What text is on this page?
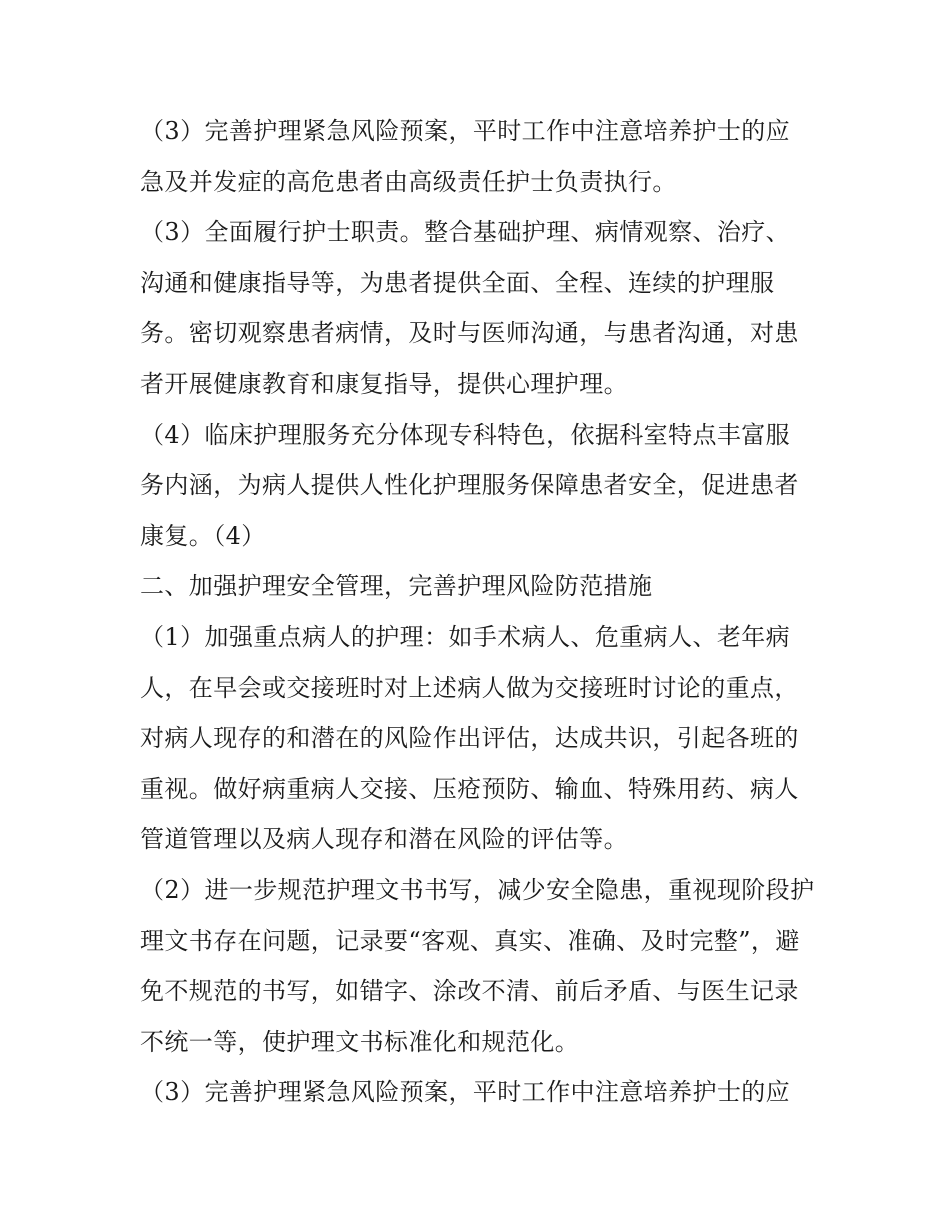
（3）完善护理紧急风险预案，平时工作中注意培养护士的应
急及并发症的高危患者由高级责任护士负责执行。
（3）全面履行护士职责。整合基础护理、病情观察、治疗、
沟通和健康指导等，为患者提供全面、全程、连续的护理服
务。密切观察患者病情，及时与医师沟通，与患者沟通，对患
者开展健康教育和康复指导，提供心理护理。
（4）临床护理服务充分体现专科特色，依据科室特点丰富服
务内涵，为病人提供人性化护理服务保障患者安全，促进患者
康复。（4）
二、加强护理安全管理，完善护理风险防范措施
（1）加强重点病人的护理：如手术病人、危重病人、老年病
人，在早会或交接班时对上述病人做为交接班时讨论的重点，
对病人现存的和潜在的风险作出评估，达成共识，引起各班的
重视。做好病重病人交接、压疮预防、输血、特殊用药、病人
管道管理以及病人现存和潜在风险的评估等。
（2）进一步规范护理文书书写，减少安全隐患，重视现阶段护
理文书存在问题，记录要“客观、真实、准确、及时完整”，避
免不规范的书写，如错字、涂改不清、前后矛盾、与医生记录
不统一等，使护理文书标准化和规范化。
（3）完善护理紧急风险预案，平时工作中注意培养护士的应
